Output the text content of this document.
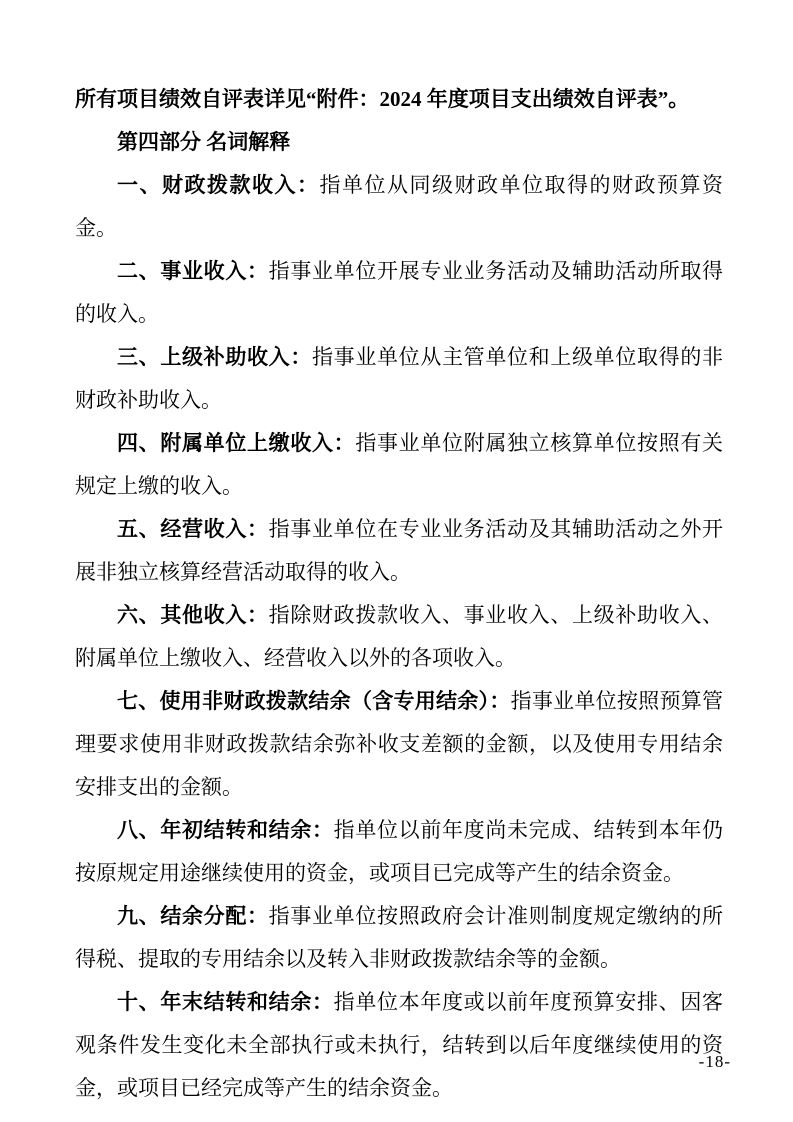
所有项目绩效自评表详见“附件：2024 年度项目支出绩效自评表”。

第四部分 名词解释

一、财政拨款收入：指单位从同级财政单位取得的财政预算资金。

二、事业收入：指事业单位开展专业业务活动及辅助活动所取得的收入。

三、上级补助收入：指事业单位从主管单位和上级单位取得的非财政补助收入。

四、附属单位上缴收入：指事业单位附属独立核算单位按照有关规定上缴的收入。

五、经营收入：指事业单位在专业业务活动及其辅助活动之外开展非独立核算经营活动取得的收入。

六、其他收入：指除财政拨款收入、事业收入、上级补助收入、附属单位上缴收入、经营收入以外的各项收入。

七、使用非财政拨款结余（含专用结余）：指事业单位按照预算管理要求使用非财政拨款结余弥补收支差额的金额，以及使用专用结余安排支出的金额。

八、年初结转和结余：指单位以前年度尚未完成、结转到本年仍按原规定用途继续使用的资金，或项目已完成等产生的结余资金。

九、结余分配：指事业单位按照政府会计准则制度规定缴纳的所得税、提取的专用结余以及转入非财政拨款结余等的金额。

十、年末结转和结余：指单位本年度或以前年度预算安排、因客观条件发生变化未全部执行或未执行，结转到以后年度继续使用的资金，或项目已经完成等产生的结余资金。

-18-
